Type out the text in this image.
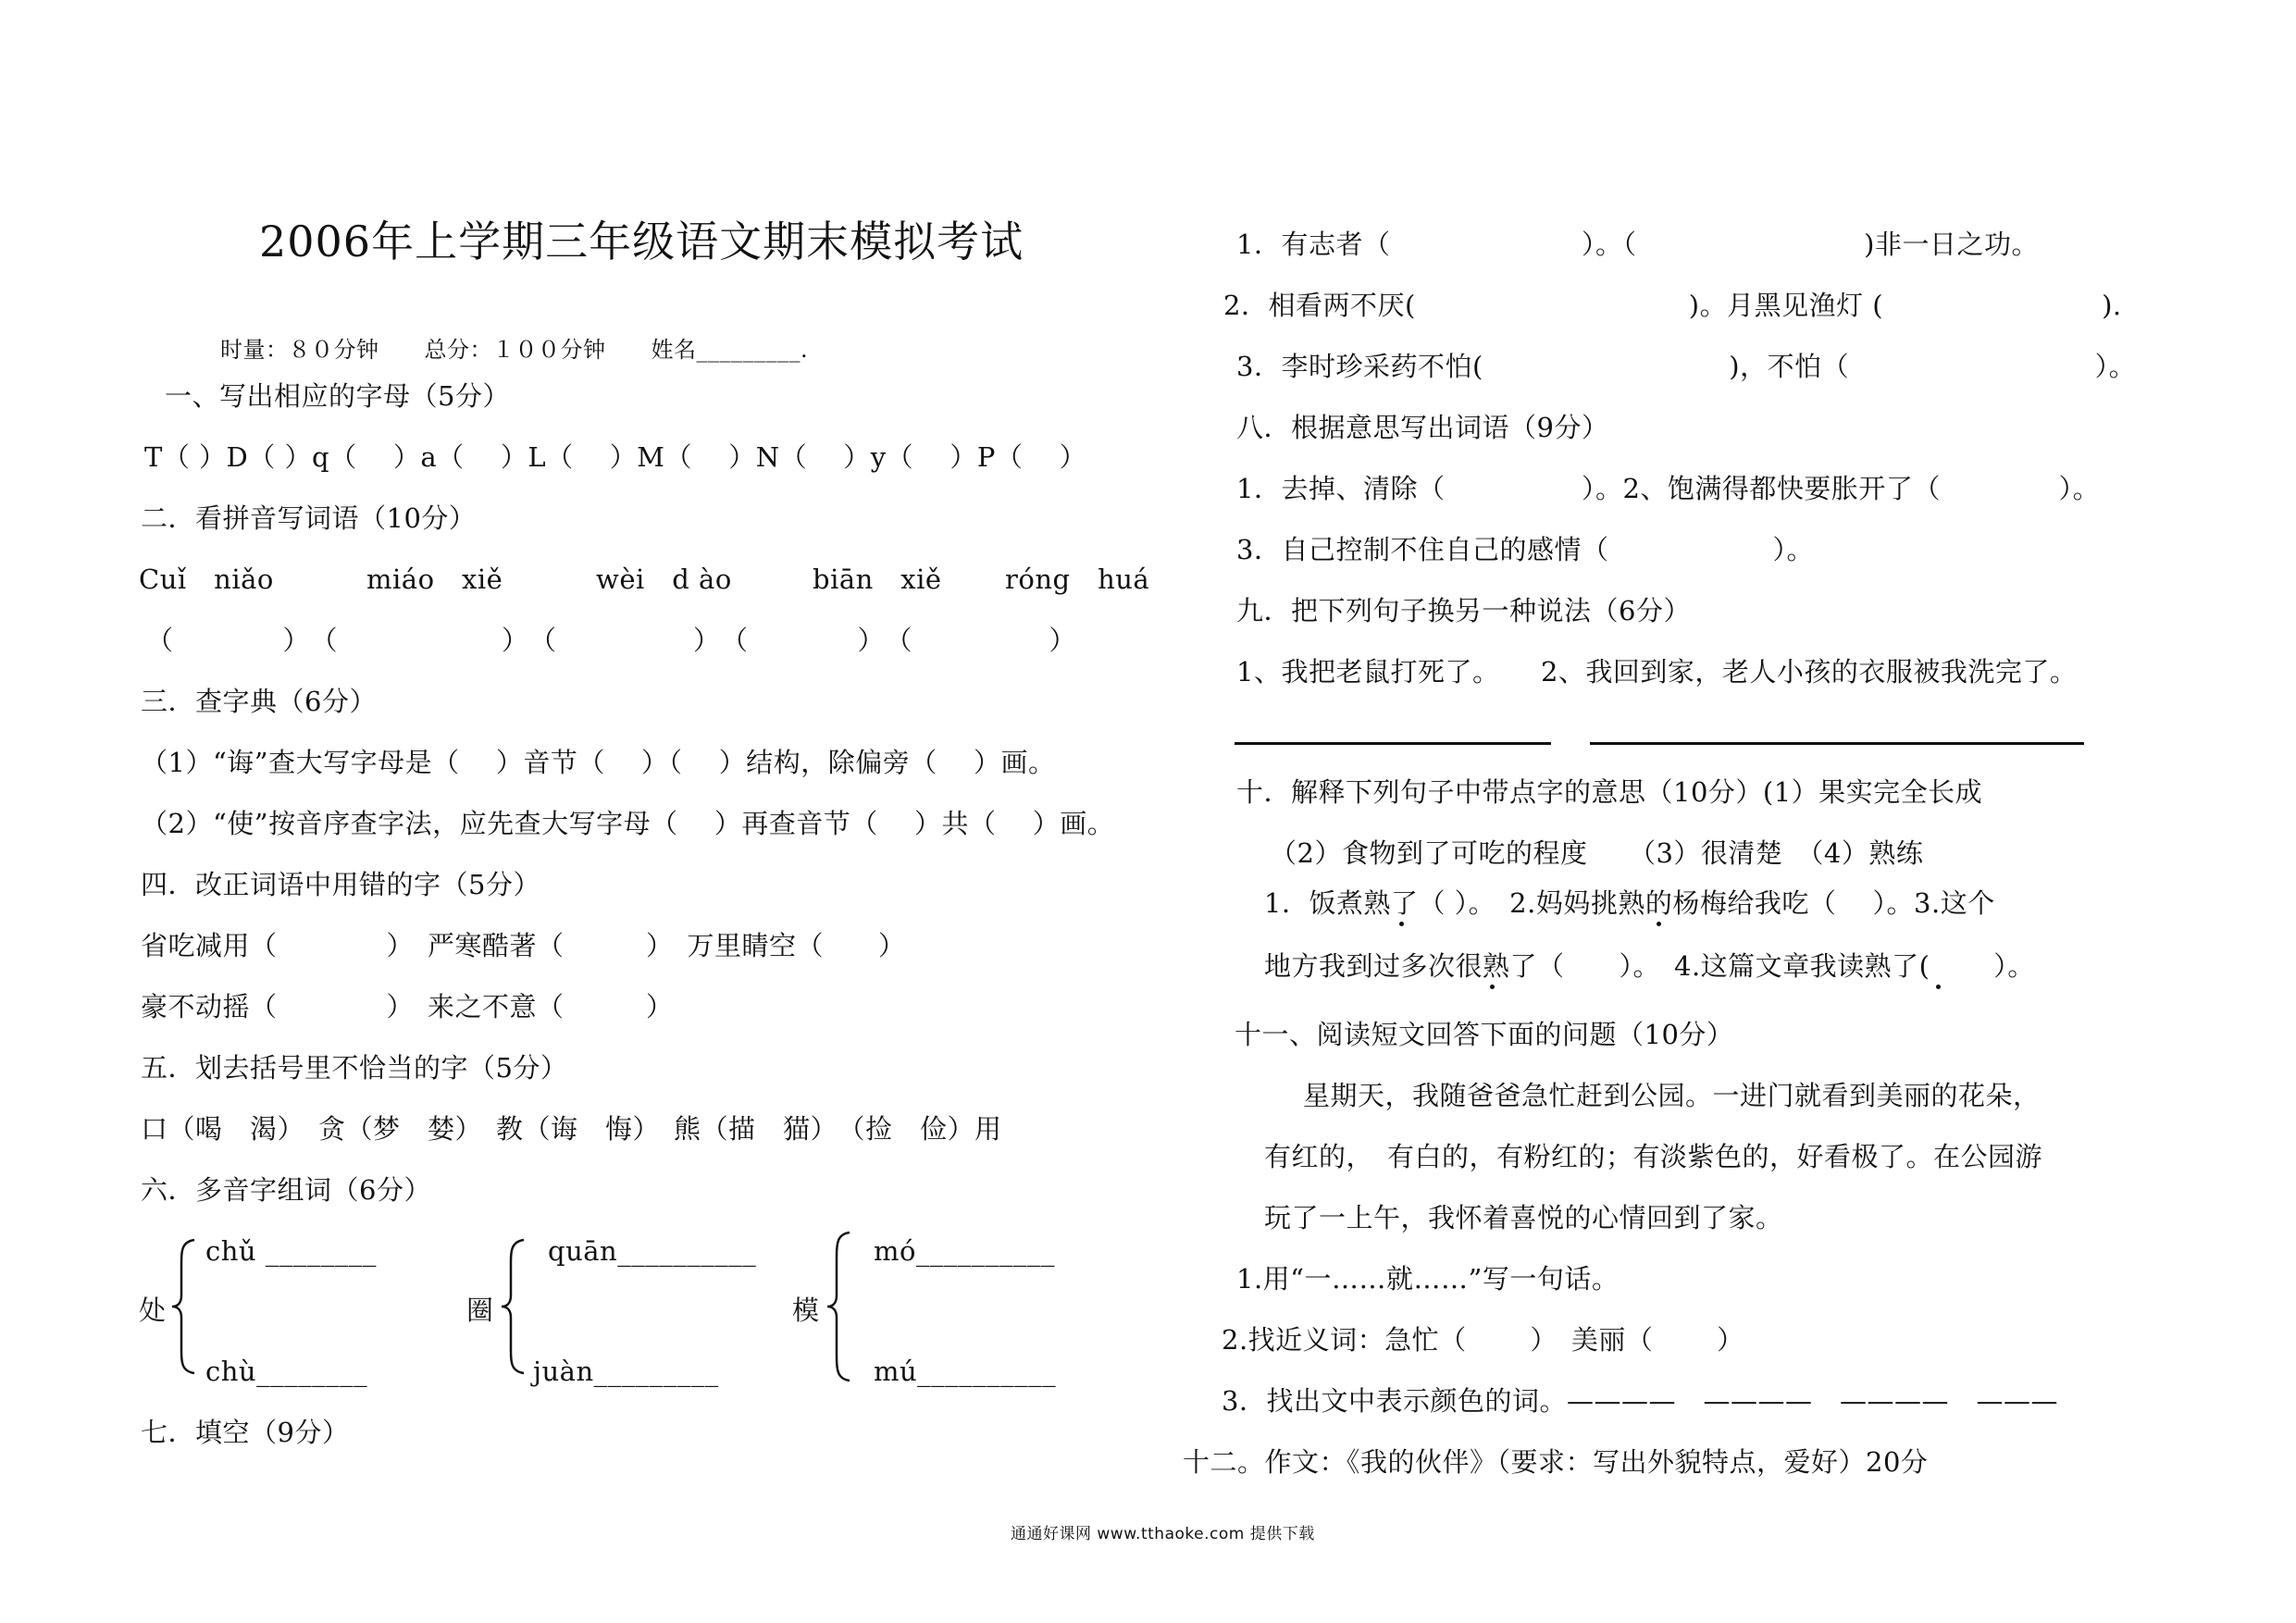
2006年上学期三年级语文期末模拟考试
时量：８０分钟　　总分：１００分钟　　姓名_________.
一、写出相应的字母（5分）
T（ ）D（ ）q（　 ）a（　 ）L（　 ）M（　 ）N（　 ）y（　 ）P（　 ）
二．看拼音写词语（10分）
Cuǐ　niǎo	miáo　xiě	wèi　d ào	biān　xiě róng　huá
（　　　　）　（　　　　　　）　（　　　　　）　（　　　　）　（　　　　　）
三．查字典（6分）
（1）“诲”查大写字母是（　 ）音节（　 ）（　 ）结构，除偏旁（　 ）画。
（2）“使”按音序查字法，应先查大写字母（　 ）再查音节（　 ）共（　 ）画。
四．改正词语中用错的字（5分）
省吃减用（　　　　）　严寒酷著（　　　）　万里睛空（　　）
豪不动摇（　　　　）　来之不意（　　　）
五．划去括号里不恰当的字（5分）
口（喝　渴）　贪（梦　婪）　教（诲　悔）　熊（描　猫）　（捡　俭）用
六．多音字组词（6分）
处
chǔ ________
chù________
圈
quān__________
juàn_________
模
mó__________
mú__________
七．填空（9分）
1．有志者（　　　　　　　）。（　　　　　　　　 )非一日之功。
2．相看两不厌(　　　　　　　　　　)。月黑见渔灯 (　　　　　　　　).
3．李时珍采药不怕(　　　　　　　　　)，不怕（　　　　　　　　　）。
八．根据意思写出词语（9分）
1．去掉、清除（　　　　　）。2、饱满得都快要胀开了（　　　　 ）。
3．自己控制不住自己的感情（　　　　　　）。
九．把下列句子换另一种说法（6分）
1、我把老鼠打死了。　　2、我回到家，老人小孩的衣服被我洗完了。
十．解释下列句子中带点字的意思（10分）(1）果实完全长成
（2）食物到了可吃的程度　　（3）很清楚　（4）熟练
1．饭煮熟了（ ）。　2.妈妈挑熟的杨梅给我吃（　 ）。3.这个
地方我到过多次很熟了（　　）。　4.这篇文章我读熟了(　　 ）。
十一、阅读短文回答下面的问题（10分）
星期天，我随爸爸急忙赶到公园。一进门就看到美丽的花朵，
有红的，　有白的，有粉红的；有淡紫色的，好看极了。在公园游
玩了一上午，我怀着喜悦的心情回到了家。
1.用“一……就……”写一句话。
2.找近义词：急忙（　　 ）　美丽（　　 ）
3．找出文中表示颜色的词。————　————　————　———
十二。作文：《我的伙伴》（要求：写出外貌特点，爱好）20分
通通好课网 www.tthaoke.com 提供下载
